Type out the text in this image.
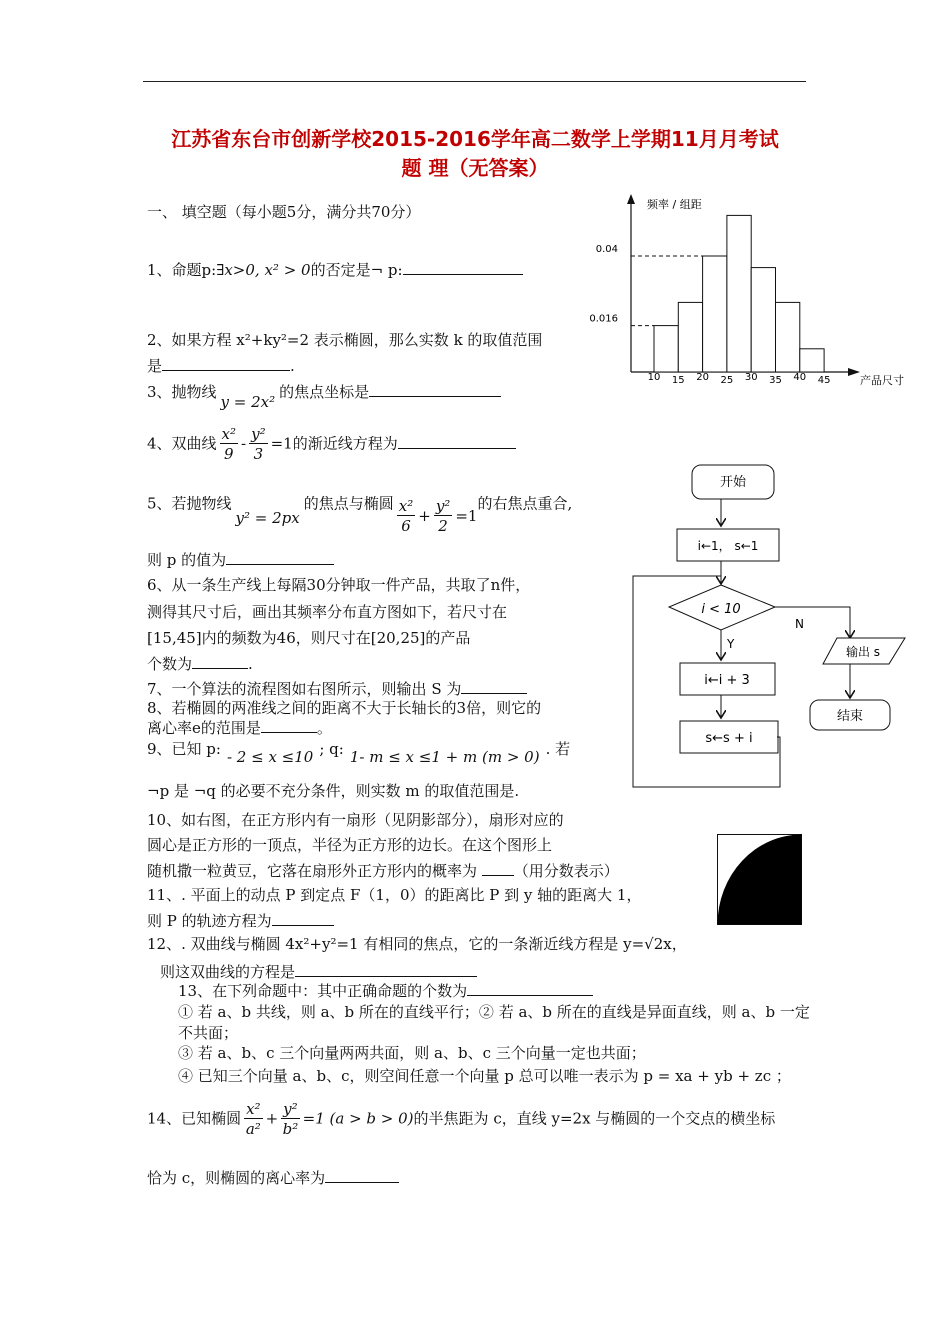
江苏省东台市创新学校2015-2016学年高二数学上学期11月月考试
题 理（无答案）
一、 填空题（每小题5分，满分共70分）
1、命题p:∃x>0, x² > 0的否定是¬ p:
2、如果方程 x²+ky²=2 表示椭圆，那么实数 k 的取值范围
是	.
3、抛物线y = 2x²的焦点坐标是
4、双曲线 $\frac{\text{x²}}{9} - \frac{\text{y²}}{3} =1$的渐近线方程为
5、若抛物线y² = 2px的焦点与椭圆 $\frac{\text{x²}}{6} + \frac{\text{y²}}{2} =1$的右焦点重合,
则 p 的值为
6、从一条生产线上每隔30分钟取一件产品，共取了n件，
测得其尺寸后，画出其频率分布直方图如下，若尺寸在
[15,45]内的频数为46，则尺寸在[20,25]的产品
个数为	.
7、一个算法的流程图如右图所示，则输出 S 为
8、若椭圆的两准线之间的距离不大于长轴长的3倍，则它的
离心率e的范围是	。
9、已知 p: - 2 ≤ x ≤10 ; q: 1- m ≤ x ≤1 + m (m > 0) . 若
¬p 是 ¬q 的必要不充分条件，则实数 m 的取值范围是.
10、如右图，在正方形内有一扇形（见阴影部分），扇形对应的
圆心是正方形的一顶点，半径为正方形的边长。在这个图形上
随机撒一粒黄豆，它落在扇形外正方形内的概率为 （用分数表示）
11、. 平面上的动点 P 到定点 F（1，0）的距离比 P 到 y 轴的距离大 1，
则 P 的轨迹方程为
12、. 双曲线与椭圆 4x²+y²=1 有相同的焦点，它的一条渐近线方程是 y=√2x，
则这双曲线的方程是
13、在下列命题中：其中正确命题的个数为
① 若 a、b 共线，则 a、b 所在的直线平行；② 若 a、b 所在的直线是异面直线，则 a、b 一定
不共面；
③ 若 a、b、c 三个向量两两共面，则 a、b、c 三个向量一定也共面；
④ 已知三个向量 a、b、c，则空间任意一个向量 p 总可以唯一表示为 p = xa + yb + zc ；
14、已知椭圆 $\frac{\text{x²}}{\text{a²}} + \frac{\text{y²}}{\text{b²}} =1$ (a > b > 0)的半焦距为 c，直线 y=2x 与椭圆的一个交点的横坐标
恰为 c，则椭圆的离心率为
频率 / 组距
产品尺寸
10 15 20 25 30 35 40 45
0.016
0.04
开始
i←1， s←1
i < 10
Y
N
i←i + 3
s←s + i
输出 s
结束
